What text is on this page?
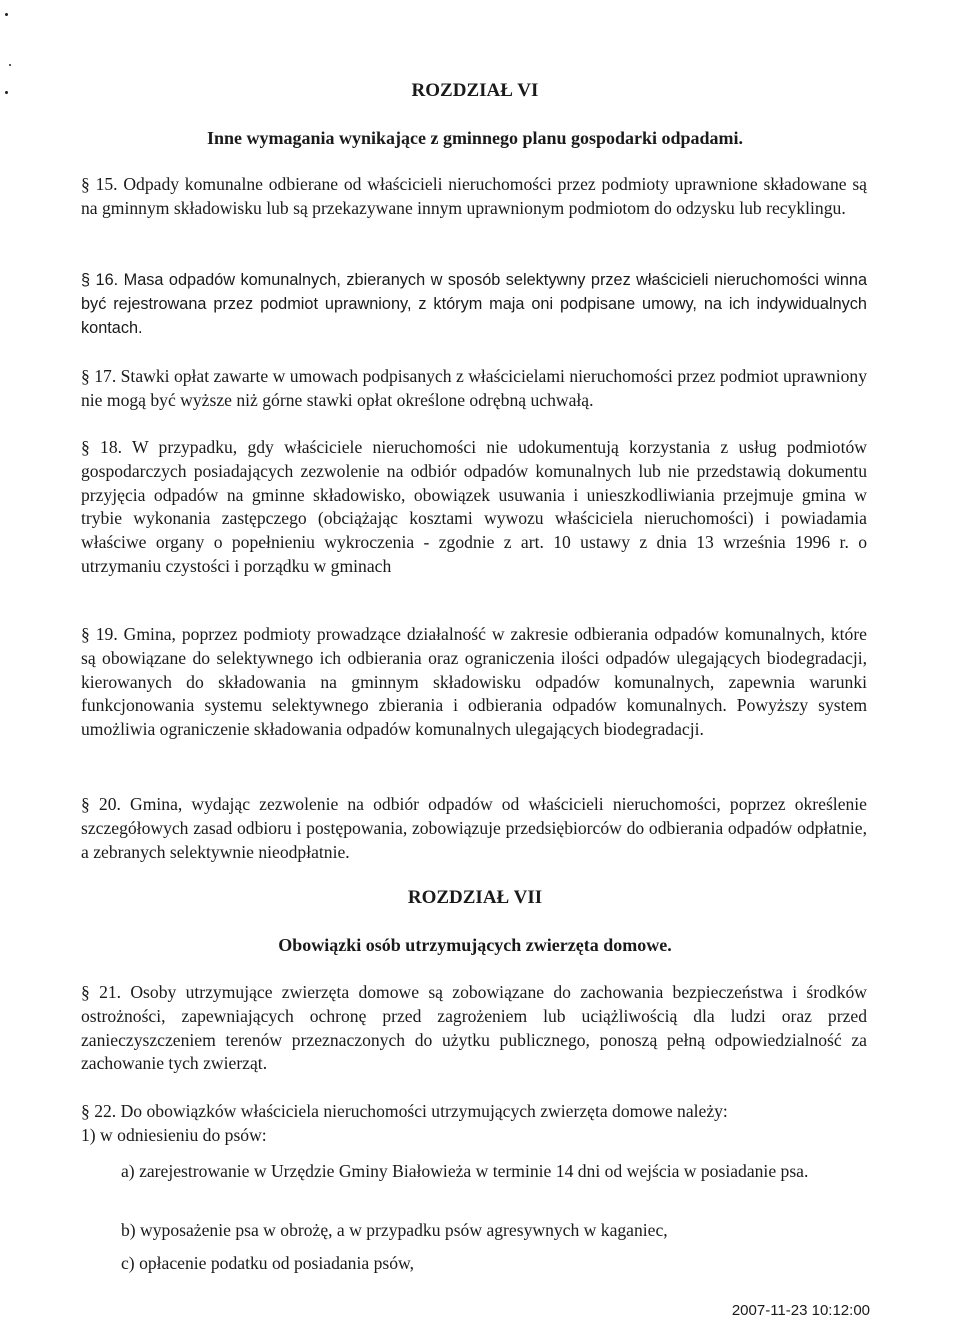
ROZDZIAŁ VI
Inne wymagania wynikające z gminnego planu gospodarki odpadami.

§ 15. Odpady komunalne odbierane od właścicieli nieruchomości przez podmioty uprawnione składowane są na gminnym składowisku lub są przekazywane innym uprawnionym podmiotom do odzysku lub recyklingu.

§ 16. Masa odpadów komunalnych, zbieranych w sposób selektywny przez właścicieli nieruchomości winna być rejestrowana przez podmiot uprawniony, z którym maja oni podpisane umowy, na ich indywidualnych kontach.

§ 17. Stawki opłat zawarte w umowach podpisanych z właścicielami nieruchomości przez podmiot uprawniony nie mogą być wyższe niż górne stawki opłat określone odrębną uchwałą.

§ 18. W przypadku, gdy właściciele nieruchomości nie udokumentują korzystania z usług podmiotów gospodarczych posiadających zezwolenie na odbiór odpadów komunalnych lub nie przedstawią dokumentu przyjęcia odpadów na gminne składowisko, obowiązek usuwania i unieszkodliwiania przejmuje gmina w trybie wykonania zastępczego (obciążając kosztami wywozu właściciela nieruchomości) i powiadamia właściwe organy o popełnieniu wykroczenia - zgodnie z art. 10 ustawy z dnia 13 września 1996 r. o utrzymaniu czystości i porządku w gminach

§ 19. Gmina, poprzez podmioty prowadzące działalność w zakresie odbierania odpadów komunalnych, które są obowiązane do selektywnego ich odbierania oraz ograniczenia ilości odpadów ulegających biodegradacji, kierowanych do składowania na gminnym składowisku odpadów komunalnych, zapewnia warunki funkcjonowania systemu selektywnego zbierania i odbierania odpadów komunalnych. Powyższy system umożliwia ograniczenie składowania odpadów komunalnych ulegających biodegradacji.

§ 20. Gmina, wydając zezwolenie na odbiór odpadów od właścicieli nieruchomości, poprzez określenie szczegółowych zasad odbioru i postępowania, zobowiązuje przedsiębiorców do odbierania odpadów odpłatnie, a zebranych selektywnie nieodpłatnie.

ROZDZIAŁ VII
Obowiązki osób utrzymujących zwierzęta domowe.

§ 21. Osoby utrzymujące zwierzęta domowe są zobowiązane do zachowania bezpieczeństwa i środków ostrożności, zapewniających ochronę przed zagrożeniem lub uciążliwością dla ludzi oraz przed zanieczyszczeniem terenów przeznaczonych do użytku publicznego, ponoszą pełną odpowiedzialność za zachowanie tych zwierząt.

§ 22. Do obowiązków właściciela nieruchomości utrzymujących zwierzęta domowe należy:

1) w odniesieniu do psów:

a) zarejestrowanie w Urzędzie Gminy Białowieża w terminie 14 dni od wejścia w posiadanie psa.

b) wyposażenie psa w obrożę, a w przypadku psów agresywnych w kaganiec,

c) opłacenie podatku od posiadania psów,

2007-11-23 10:12:00
